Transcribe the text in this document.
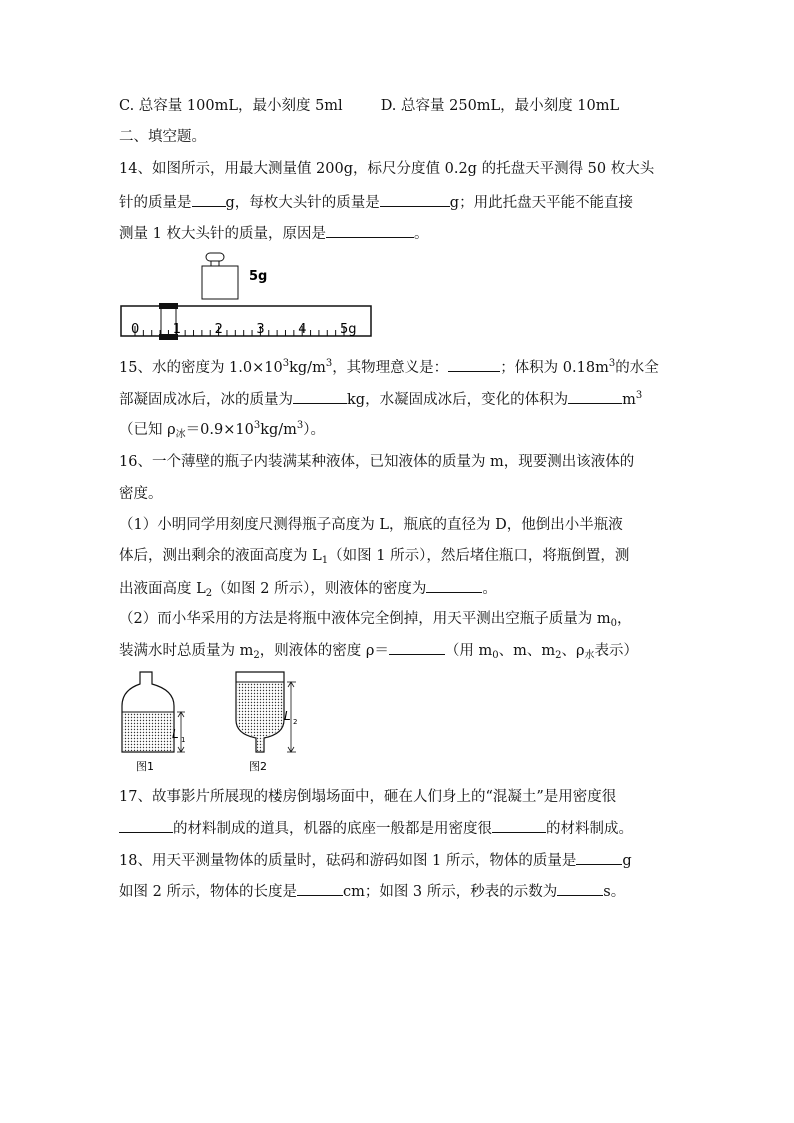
C. 总容量 100mL，最小刻度 5ml	D. 总容量 250mL，最小刻度 10mL
二、填空题。
14、如图所示，用最大测量值 200g，标尺分度值 0.2g 的托盘天平测得 50 枚大头
针的质量是 g，每枚大头针的质量是	g；用此托盘天平能不能直接
测量 1 枚大头针的质量，原因是	。
5g
0	1	2	3	4	5g
15、水的密度为 $1.0\times 10^3kg/m^3$，其物理意义是：	；体积为 $0.18m^3$的水全
部凝固成冰后，冰的质量为	kg，水凝固成冰后，变化的体积为	$m^3$
（已知 $\rho_冰=0.9\times 10^3kg/m^3$）。
16、一个薄壁的瓶子内装满某种液体，已知液体的质量为 m，现要测出该液体的
密度。
（1）小明同学用刻度尺测得瓶子高度为 L，瓶底的直径为 D，他倒出小半瓶液
体后，测出剩余的液面高度为 $L_1$（如图 1 所示），然后堵住瓶口，将瓶倒置，测
出液面高度 $L_2$（如图 2 所示），则液体的密度为	。
（2）而小华采用的方法是将瓶中液体完全倒掉，用天平测出空瓶子质量为 $m_0$，
装满水时总质量为 $m_2$，则液体的密度 ρ＝	（用 $m_0$、m、$m_2$、$\rho_水$表示）
L 1
图1
L 2
图2
17、故事影片所展现的楼房倒塌场面中，砸在人们身上的“混凝土”是用密度很
的材料制成的道具，机器的底座一般都是用密度很	的材料制成。
18、用天平测量物体的质量时，砝码和游码如图 1 所示，物体的质量是	g
如图 2 所示，物体的长度是	cm；如图 3 所示，秒表的示数为	s。
